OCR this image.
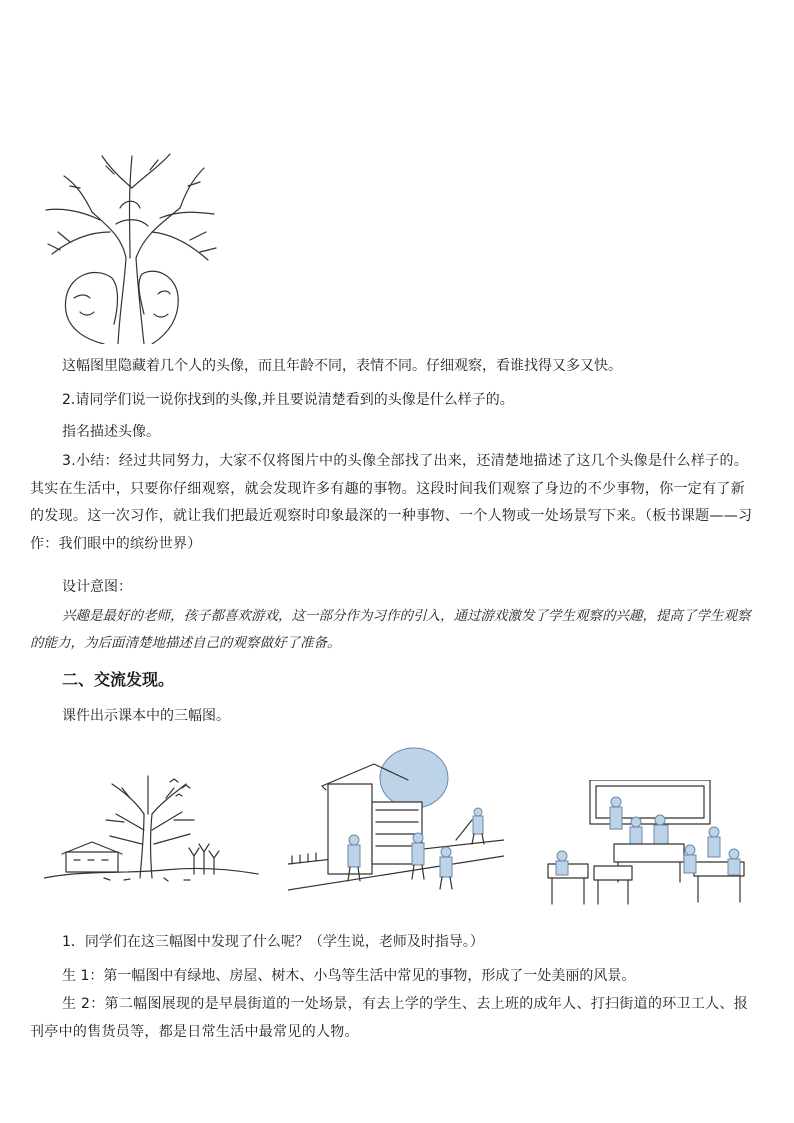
这幅图里隐藏着几个人的头像，而且年龄不同，表情不同。仔细观察，看谁找得又多又快。
2.请同学们说一说你找到的头像,并且要说清楚看到的头像是什么样子的。
指名描述头像。
3.小结：经过共同努力，大家不仅将图片中的头像全部找了出来，还清楚地描述了这几个头像是什么样子的。其实在生活中，只要你仔细观察，就会发现许多有趣的事物。这段时间我们观察了身边的不少事物，你一定有了新的发现。这一次习作，就让我们把最近观察时印象最深的一种事物、一个人物或一处场景写下来。（板书课题——习作：我们眼中的缤纷世界）
设计意图：
兴趣是最好的老师，孩子都喜欢游戏，这一部分作为习作的引入，通过游戏激发了学生观察的兴趣，提高了学生观察的能力，为后面清楚地描述自己的观察做好了准备。
二、交流发现。
课件出示课本中的三幅图。
1．同学们在这三幅图中发现了什么呢？（学生说，老师及时指导。）
生 1：第一幅图中有绿地、房屋、树木、小鸟等生活中常见的事物，形成了一处美丽的风景。
生 2：第二幅图展现的是早晨街道的一处场景，有去上学的学生、去上班的成年人、打扫街道的环卫工人、报刊亭中的售货员等，都是日常生活中最常见的人物。
